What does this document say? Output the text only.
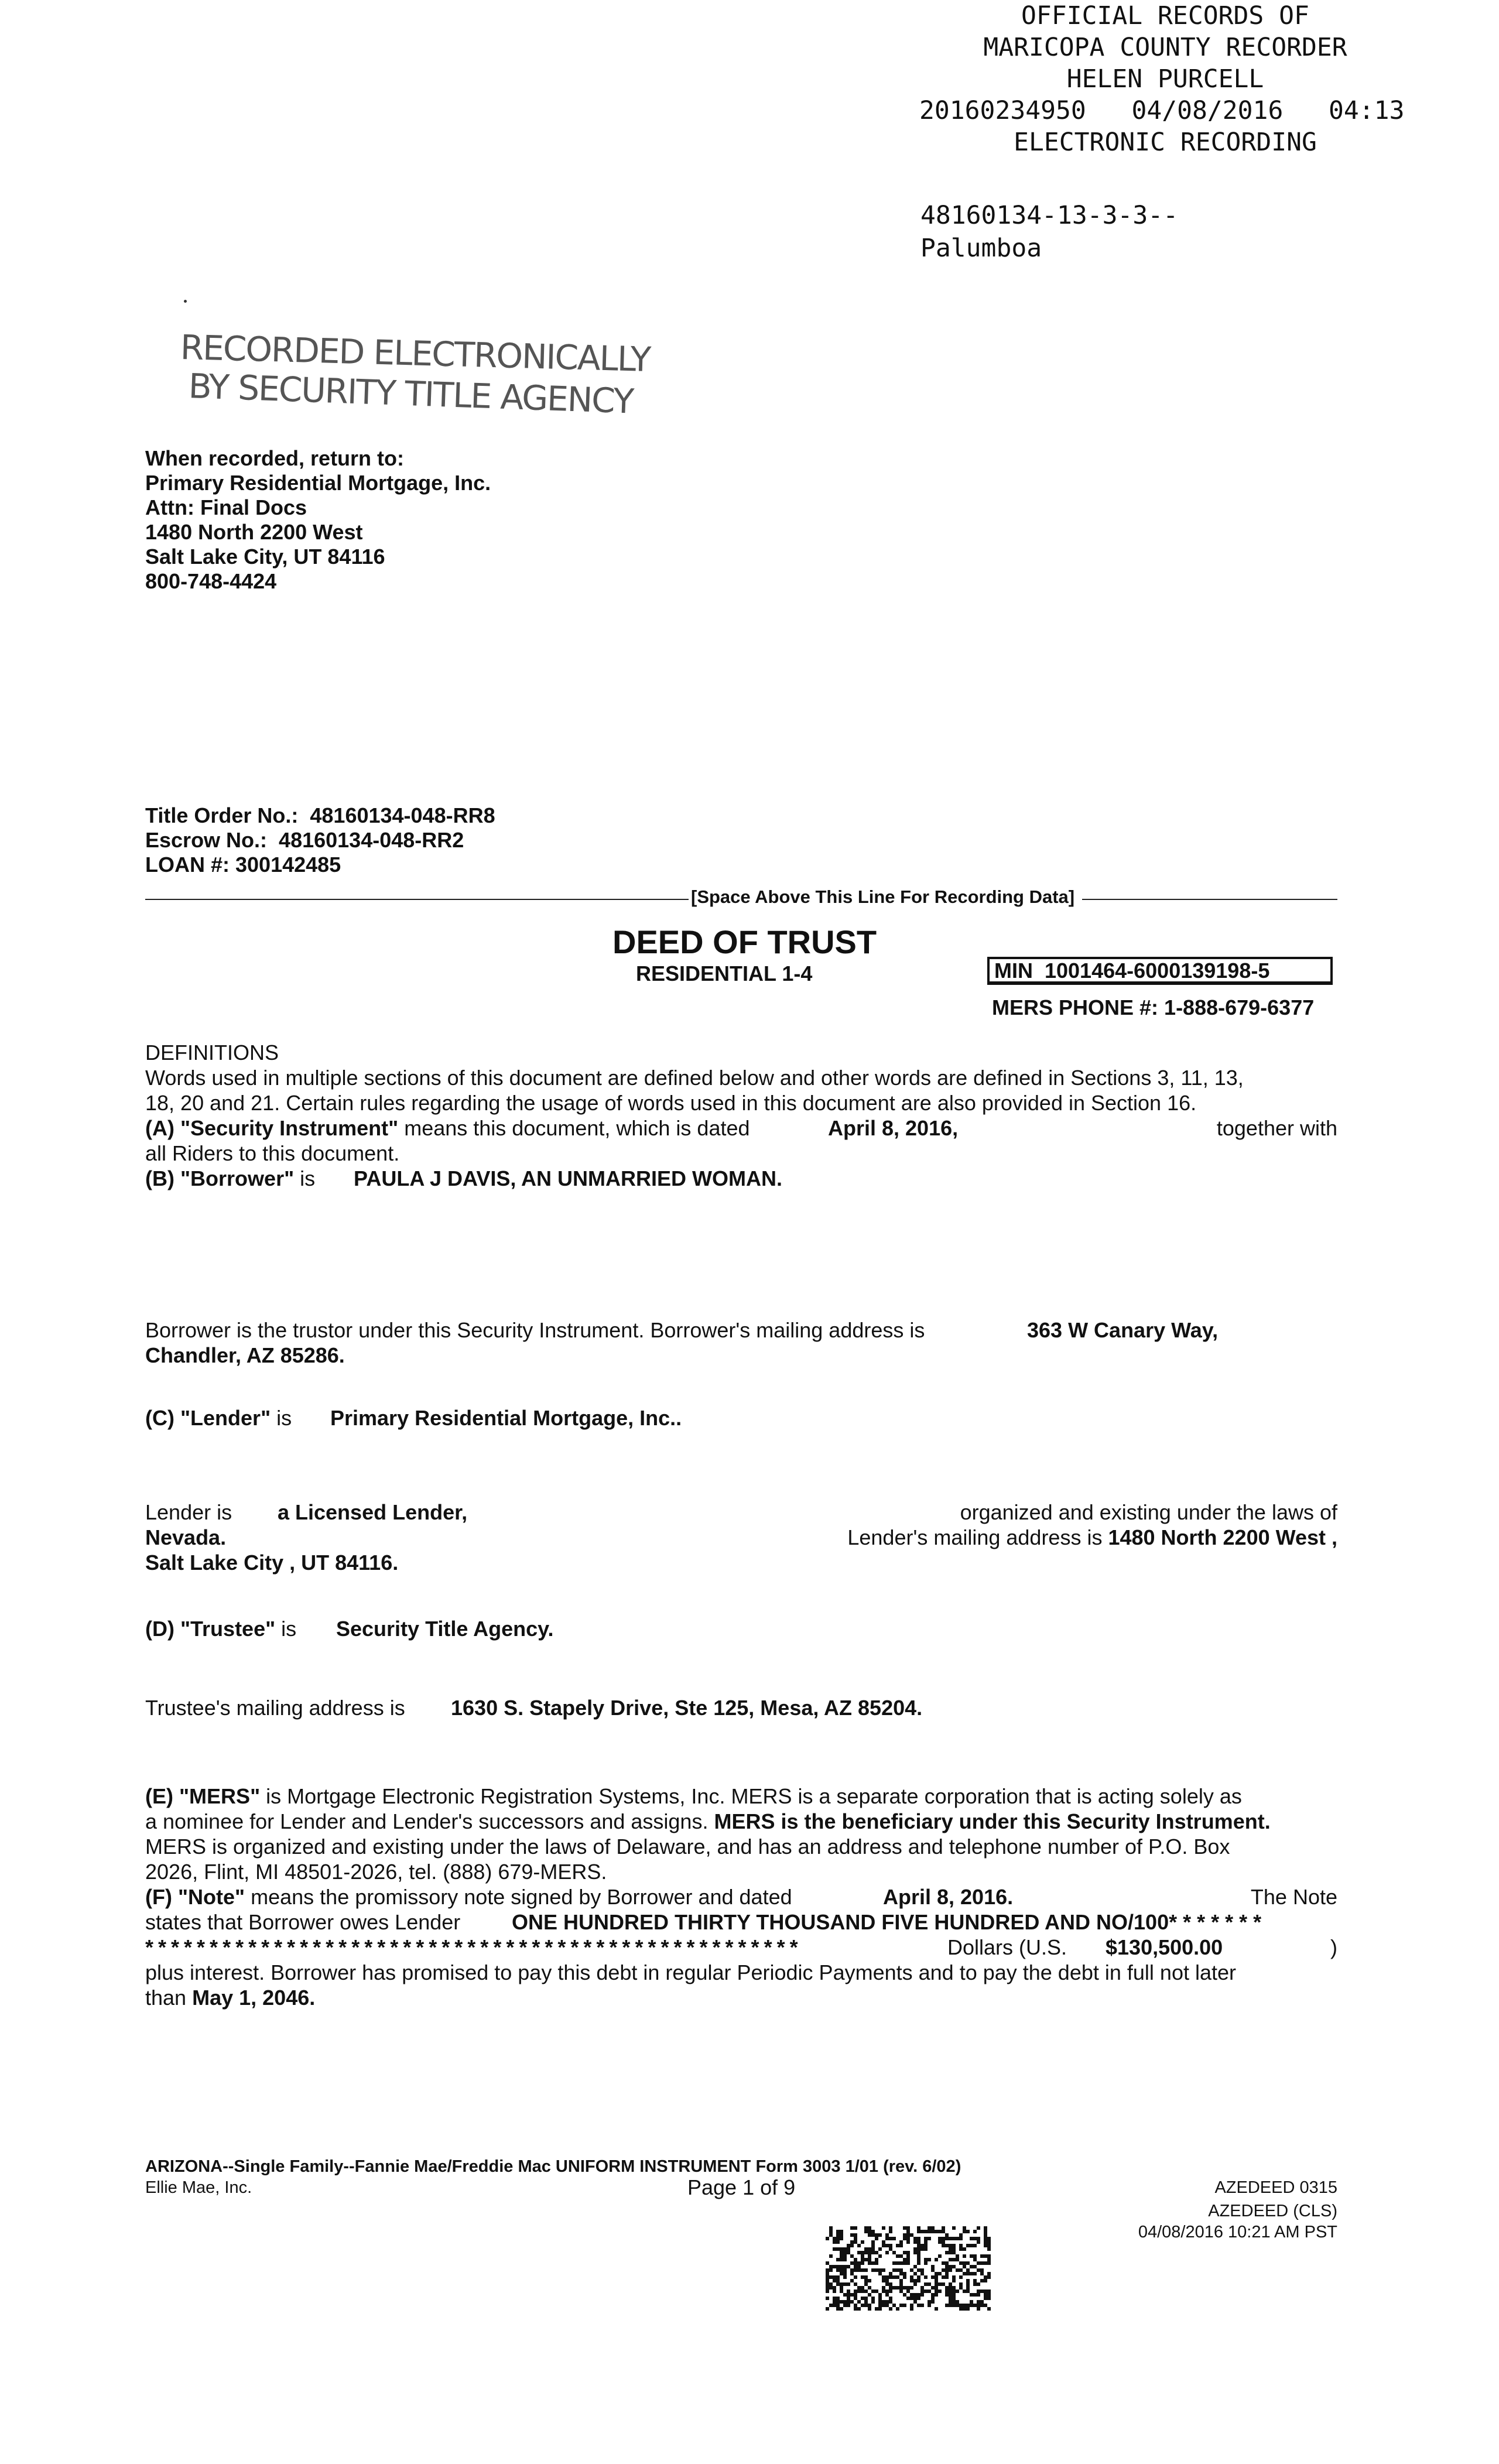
OFFICIAL RECORDS OF
MARICOPA COUNTY RECORDER
HELEN PURCELL
20160234950 04/08/2016 04:13
ELECTRONIC RECORDING
48160134-13-3-3--
Palumboa
RECORDED ELECTRONICALLY
BY SECURITY TITLE AGENCY
When recorded, return to:
Primary Residential Mortgage, Inc.
Attn: Final Docs
1480 North 2200 West
Salt Lake City, UT 84116
800-748-4424
Title Order No.:  48160134-048-RR8
Escrow No.:  48160134-048-RR2
LOAN #: 300142485
[Space Above This Line For Recording Data]
DEED OF TRUST
RESIDENTIAL 1-4	MIN  1001464-6000139198-5
MERS PHONE #: 1-888-679-6377
DEFINITIONS
Words used in multiple sections of this document are defined below and other words are defined in Sections 3, 11, 13,
18, 20 and 21. Certain rules regarding the usage of words used in this document are also provided in Section 16.
(A) "Security Instrument" means this document, which is dated	April 8, 2016,	together with
all Riders to this document.
(B) "Borrower" is PAULA J DAVIS, AN UNMARRIED WOMAN.
Borrower is the trustor under this Security Instrument. Borrower's mailing address is	363 W Canary Way,
Chandler, AZ 85286.
(C) "Lender" is Primary Residential Mortgage, Inc..
Lender is a Licensed Lender,	organized and existing under the laws of
Nevada.	Lender's mailing address is 1480 North 2200 West ,
Salt Lake City , UT 84116.
(D) "Trustee" is Security Title Agency.
Trustee's mailing address is 1630 S. Stapely Drive, Ste 125, Mesa, AZ 85204.
(E) "MERS" is Mortgage Electronic Registration Systems, Inc. MERS is a separate corporation that is acting solely as
a nominee for Lender and Lender's successors and assigns. MERS is the beneficiary under this Security Instrument.
MERS is organized and existing under the laws of Delaware, and has an address and telephone number of P.O. Box
2026, Flint, MI 48501-2026, tel. (888) 679-MERS.
(F) "Note" means the promissory note signed by Borrower and dated	April 8, 2016.	The Note
states that Borrower owes Lender ONE HUNDRED THIRTY THOUSAND FIVE HUNDRED AND NO/100* * * * * * *
* * * * * * * * * * * * * * * * * * * * * * * * * * * * * * * * * * * * * * * * * * * * * * * * * * *	Dollars (U.S. $130,500.00	)
plus interest. Borrower has promised to pay this debt in regular Periodic Payments and to pay the debt in full not later
than May 1, 2046.
ARIZONA--Single Family--Fannie Mae/Freddie Mac UNIFORM INSTRUMENT Form 3003 1/01 (rev. 6/02)
Ellie Mae, Inc.	Page 1 of 9	AZEDEED 0315
AZEDEED (CLS)
04/08/2016 10:21 AM PST
